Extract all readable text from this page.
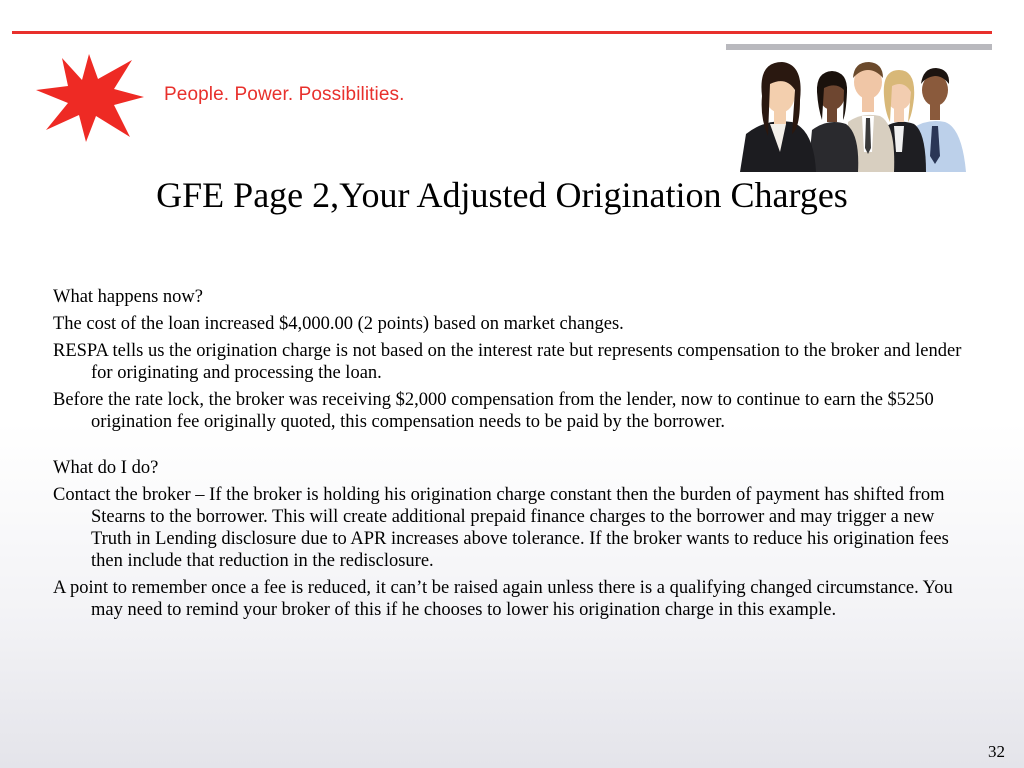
People. Power. Possibilities.
GFE Page 2,Your Adjusted Origination Charges

What happens now?

The cost of the loan increased $4,000.00 (2 points) based on market changes.

RESPA tells us the origination charge is not based on the interest rate but represents compensation to the broker and lender for originating and processing the loan.

Before the rate lock, the broker was receiving $2,000 compensation from the lender, now to continue to earn the $5250 origination fee originally quoted, this compensation needs to be paid by the borrower.

What do I do?

Contact the broker – If the broker is holding his origination charge constant then the burden of payment has shifted from Stearns to the borrower. This will create additional prepaid finance charges to the borrower and may trigger a new Truth in Lending disclosure due to APR increases above tolerance. If the broker wants to reduce his origination fees then include that reduction in the redisclosure.

A point to remember once a fee is reduced, it can’t be raised again unless there is a qualifying changed circumstance. You may need to remind your broker of this if he chooses to lower his origination charge in this example.

32
